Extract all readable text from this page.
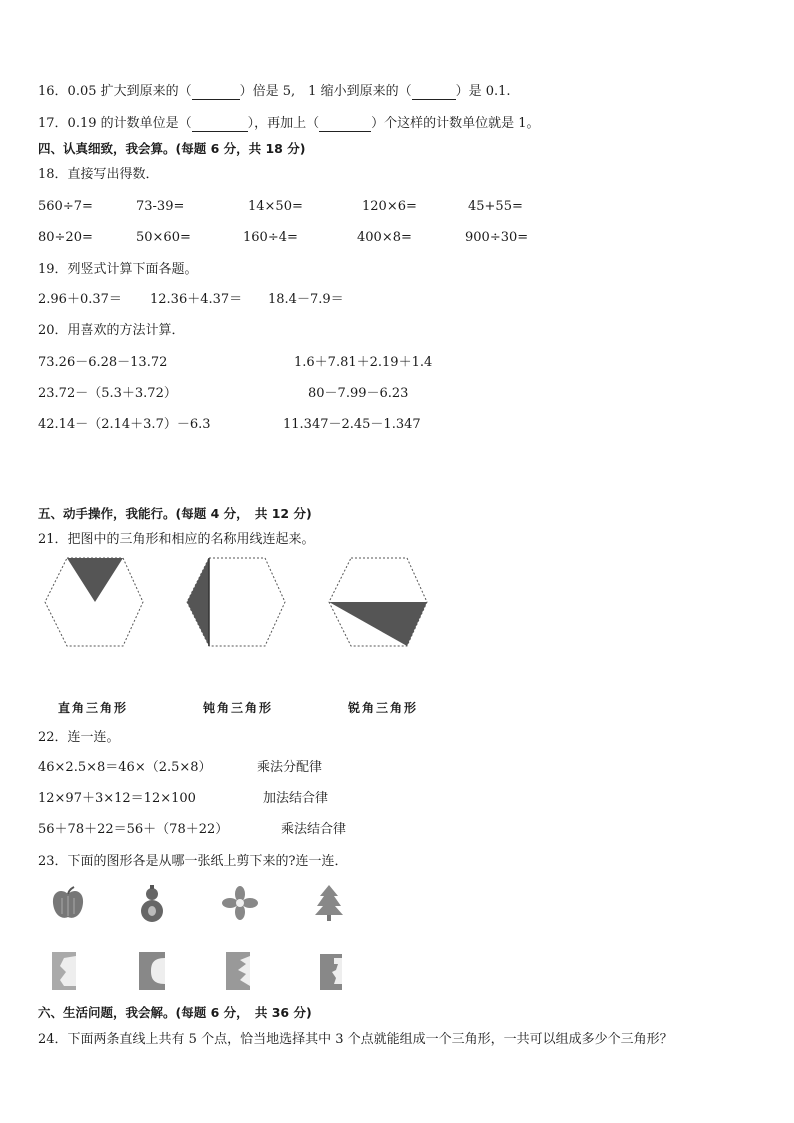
16．0.05 扩大到原来的（	）倍是 5,　1 缩小到原来的（	）是 0.1.
17．0.19 的计数单位是（	），再加上（	）个这样的计数单位就是 1。
四、认真细致，我会算。(每题 6 分，共 18 分)
18．直接写出得数．
560÷7=	73-39=	14×50=	120×6=	45+55=
80÷20=	50×60=	160÷4=	400×8=	900÷30=
19．列竖式计算下面各题。
2.96＋0.37＝ 12.36＋4.37＝ 18.4－7.9＝
20．用喜欢的方法计算．
73.26－6.28－13.72	1.6＋7.81＋2.19＋1.4
23.72－（5.3＋3.72）	80－7.99－6.23
42.14－（2.14＋3.7）－6.3	11.347－2.45－1.347
五、动手操作，我能行。(每题 4 分，　共 12 分)
21．把图中的三角形和相应的名称用线连起来。
直角三角形	钝角三角形	锐角三角形
22．连一连。
46×2.5×8＝46×（2.5×8）	乘法分配律
12×97＋3×12＝12×100	加法结合律
56＋78＋22＝56＋（78＋22）	乘法结合律
23．下面的图形各是从哪一张纸上剪下来的?连一连．
六、生活问题，我会解。(每题 6 分，　共 36 分)
24．下面两条直线上共有 5 个点，恰当地选择其中 3 个点就能组成一个三角形，一共可以组成多少个三角形？
